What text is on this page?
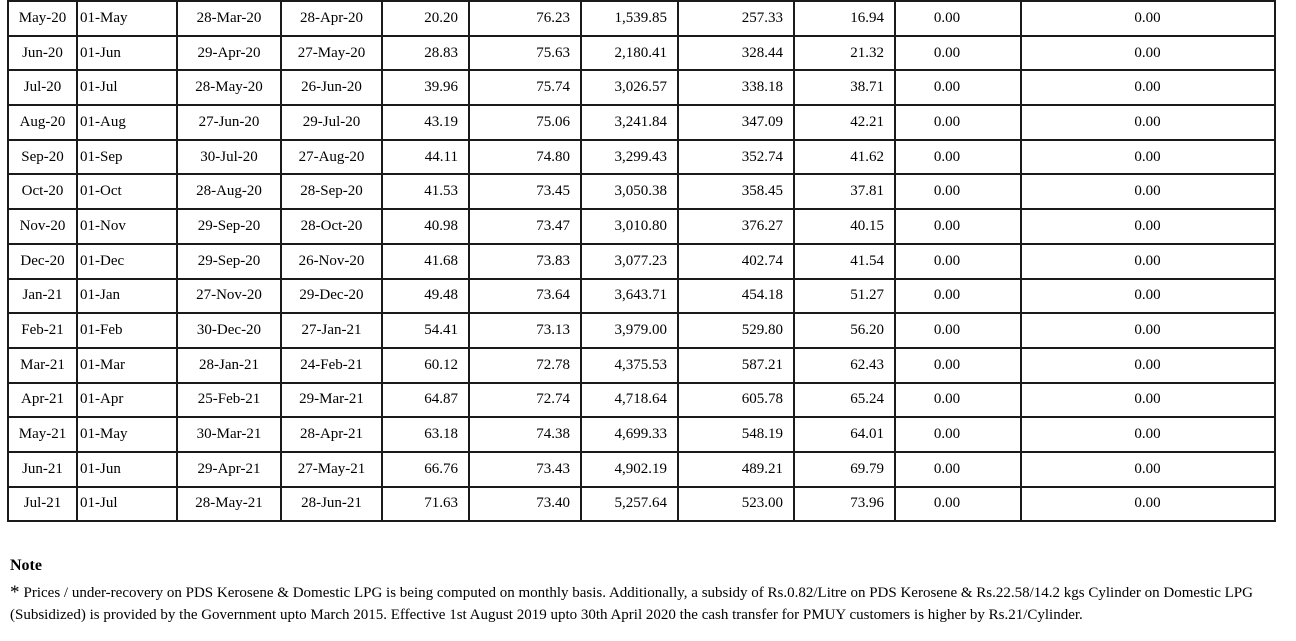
May-20	01-May	28-Mar-20	28-Apr-20	20.20	76.23	1,539.85	257.33	16.94	0.00	0.00
Jun-20	01-Jun	29-Apr-20	27-May-20	28.83	75.63	2,180.41	328.44	21.32	0.00	0.00
Jul-20	01-Jul	28-May-20	26-Jun-20	39.96	75.74	3,026.57	338.18	38.71	0.00	0.00
Aug-20	01-Aug	27-Jun-20	29-Jul-20	43.19	75.06	3,241.84	347.09	42.21	0.00	0.00
Sep-20	01-Sep	30-Jul-20	27-Aug-20	44.11	74.80	3,299.43	352.74	41.62	0.00	0.00
Oct-20	01-Oct	28-Aug-20	28-Sep-20	41.53	73.45	3,050.38	358.45	37.81	0.00	0.00
Nov-20	01-Nov	29-Sep-20	28-Oct-20	40.98	73.47	3,010.80	376.27	40.15	0.00	0.00
Dec-20	01-Dec	29-Sep-20	26-Nov-20	41.68	73.83	3,077.23	402.74	41.54	0.00	0.00
Jan-21	01-Jan	27-Nov-20	29-Dec-20	49.48	73.64	3,643.71	454.18	51.27	0.00	0.00
Feb-21	01-Feb	30-Dec-20	27-Jan-21	54.41	73.13	3,979.00	529.80	56.20	0.00	0.00
Mar-21	01-Mar	28-Jan-21	24-Feb-21	60.12	72.78	4,375.53	587.21	62.43	0.00	0.00
Apr-21	01-Apr	25-Feb-21	29-Mar-21	64.87	72.74	4,718.64	605.78	65.24	0.00	0.00
May-21	01-May	30-Mar-21	28-Apr-21	63.18	74.38	4,699.33	548.19	64.01	0.00	0.00
Jun-21	01-Jun	29-Apr-21	27-May-21	66.76	73.43	4,902.19	489.21	69.79	0.00	0.00
Jul-21	01-Jul	28-May-21	28-Jun-21	71.63	73.40	5,257.64	523.00	73.96	0.00	0.00
Note
* Prices / under-recovery on PDS Kerosene & Domestic LPG is being computed on monthly basis. Additionally, a subsidy of Rs.0.82/Litre on PDS Kerosene & Rs.22.58/14.2 kgs Cylinder on Domestic LPG (Subsidized) is provided by the Government upto March 2015. Effective 1st August 2019 upto 30th April 2020 the cash transfer for PMUY customers is higher by Rs.21/Cylinder.
